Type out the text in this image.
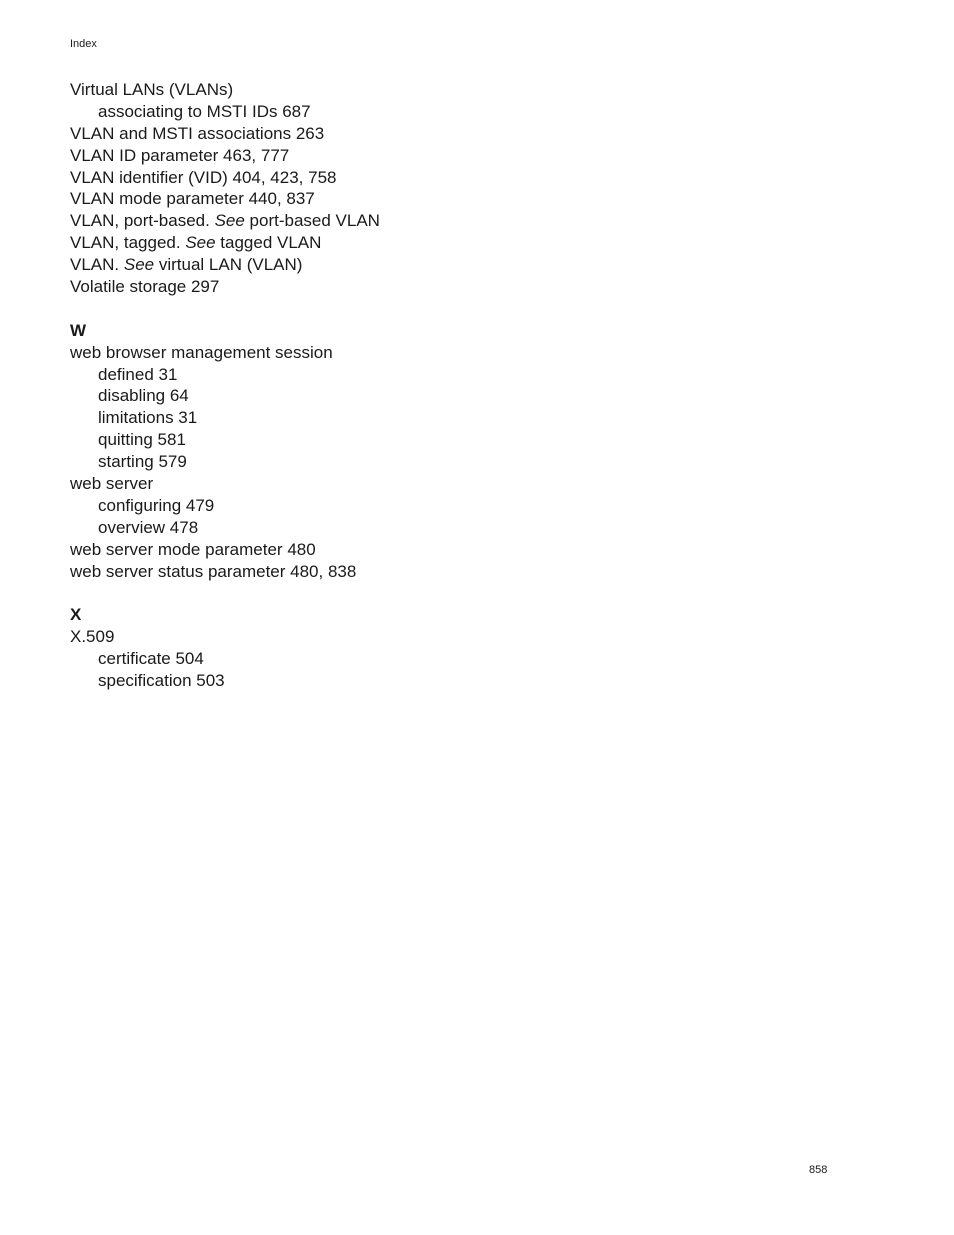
Index
Virtual LANs (VLANs)
associating to MSTI IDs 687
VLAN and MSTI associations 263
VLAN ID parameter 463, 777
VLAN identifier (VID) 404, 423, 758
VLAN mode parameter 440, 837
VLAN, port-based. See port-based VLAN
VLAN, tagged. See tagged VLAN
VLAN. See virtual LAN (VLAN)
Volatile storage 297
W
web browser management session
defined 31
disabling 64
limitations 31
quitting 581
starting 579
web server
configuring 479
overview 478
web server mode parameter 480
web server status parameter 480, 838
X
X.509
certificate 504
specification 503
858
